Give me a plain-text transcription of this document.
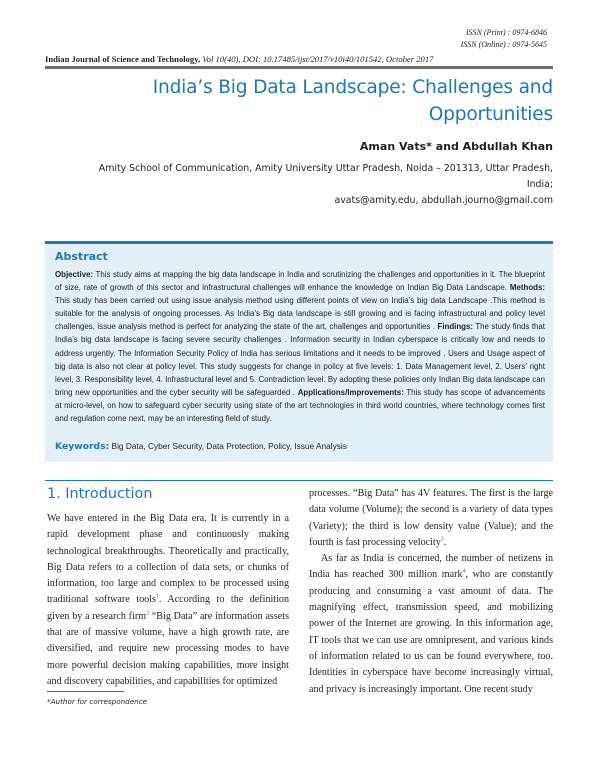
ISSN (Print) : 0974-6846
ISSN (Online) : 0974-5645
Indian Journal of Science and Technology, Vol 10(40), DOI: 10.17485/ijst/2017/v10i40/101542, October 2017
India’s Big Data Landscape: Challenges and
Opportunities
Aman Vats* and Abdullah Khan
Amity School of Communication, Amity University Uttar Pradesh, Noida – 201313, Uttar Pradesh, India;
avats@amity.edu, abdullah.journo@gmail.com
Abstract
Objective: This study aims at mapping the big data landscape in India and scrutinizing the challenges and opportunities in it. The blueprint of size, rate of growth of this sector and infrastructural challenges will enhance the knowledge on Indian Big Data Landscape. Methods: This study has been carried out using issue analysis method using different points of view on India’s big data Landscape .This method is suitable for the analysis of ongoing processes. As India’s Big data landscape is still growing and is facing infrastructural and policy level challenges, issue analysis method is perfect for analyzing the state of the art, challenges and opportunities . Findings: The study finds that India’s big data landscape is facing severe security challenges . Information security in Indian cyberspace is critically low and needs to address urgently. The Information Security Policy of India has serious limitations and it needs to be improved . Users and Usage aspect of big data is also not clear at policy level. This study suggests for change in policy at five levels: 1. Data Management level, 2. Users’ right level, 3. Responsibility level, 4. Infrastructural level and 5. Contradiction level. By adopting these policies only Indian Big data landscape can bring new opportunities and the cyber security will be safeguarded . Applications/Improvements: This study has scope of advancements at micro-level, on how to safeguard cyber security using state of the art technologies in third world countries, where technology comes first and regulation come next, may be an interesting field of study.
Keywords: Big Data, Cyber Security, Data Protection, Policy, Issue Analysis
1. Introduction

We have entered in the Big Data era. It is currently in a rapid development phase and continuously making technological breakthroughs. Theoretically and practically, Big Data refers to a collection of data sets, or chunks of information, too large and complex to be processed using traditional software tools$^1$. According to the definition given by a research firm$^2$ “Big Data” are information assets that are of massive volume, have a high growth rate, are diversified, and require new processing modes to have more powerful decision making capabilities, more insight and discovery capabilities, and capabilities for optimized

processes. “Big Data” has 4V features. The first is the large data volume (Volume); the second is a variety of data types (Variety); the third is low density value (Value); and the fourth is fast processing velocity$^3$.

As far as India is concerned, the number of netizens in India has reached 300 million mark$^4$, who are constantly producing and consuming a vast amount of data. The magnifying effect, transmission speed, and mobilizing power of the Internet are growing. In this information age, IT tools that we can use are omnipresent, and various kinds of information related to us can be found everywhere, too. Identities in cyberspace have become increasingly virtual, and privacy is increasingly important. One recent study

*Author for correspondence
